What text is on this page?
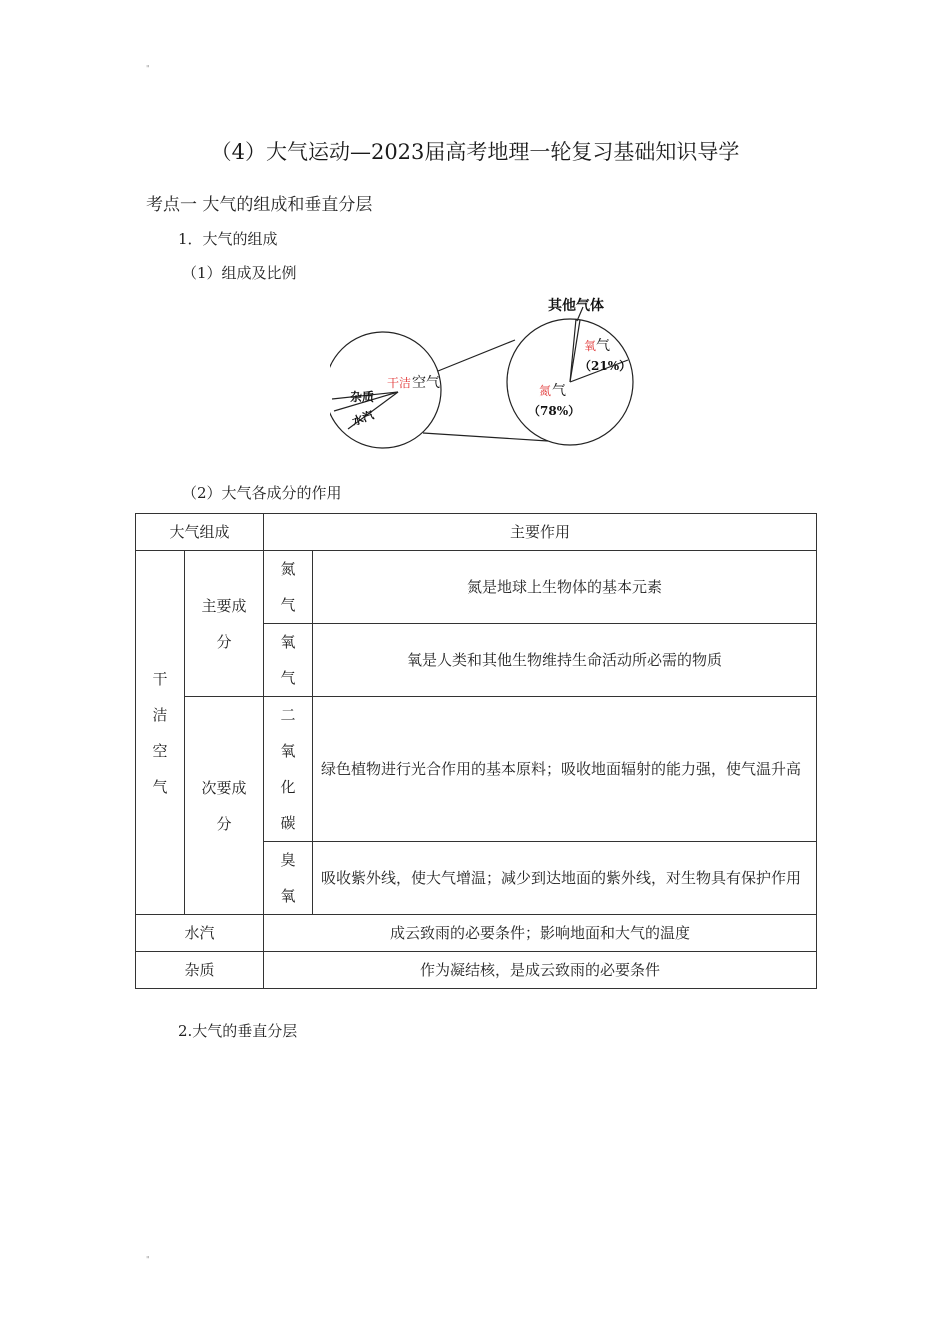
"
"
（4）大气运动—2023届高考地理一轮复习基础知识导学
考点一 大气的组成和垂直分层
1．大气的组成
（1）组成及比例
干洁 空气
杂质
水汽
其他气体
氧 气
（21%）
氮 气
（78%）
（2）大气各成分的作用
大气组成		主要作用	

干洁空气	主要成分	氮气	氮是地球上生物体的基本元素

		氧气	氧是人类和其他生物维持生命活动所必需的物质

	次要成分	二氧化碳	绿色植物进行光合作用的基本原料；吸收地面辐射的能力强，使气温升高

		臭氧	吸收紫外线，使大气增温；减少到达地面的紫外线，对生物具有保护作用
水汽		成云致雨的必要条件；影响地面和大气的温度	
杂质		作为凝结核，是成云致雨的必要条件	
2.大气的垂直分层
